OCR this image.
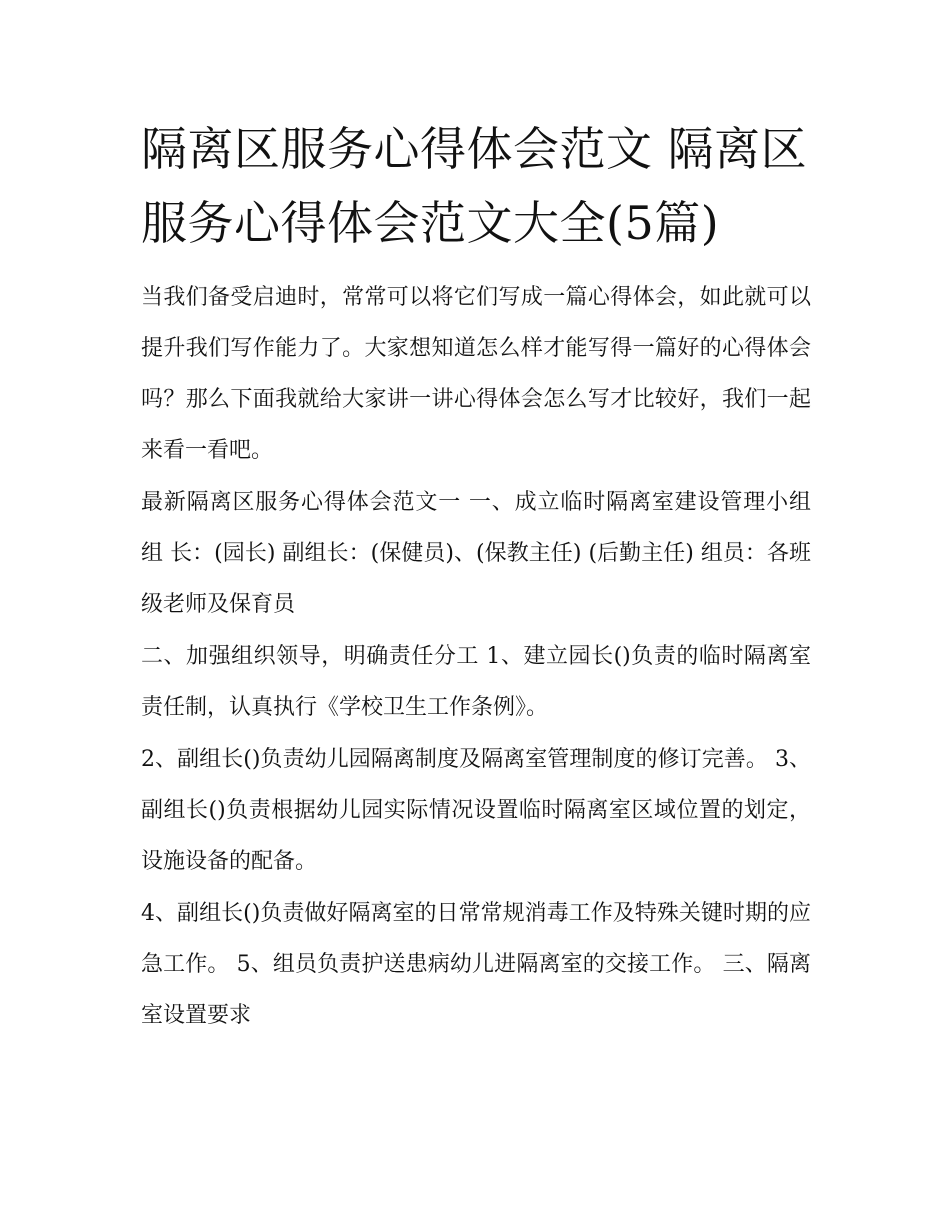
隔离区服务心得体会范文 隔离区服务心得体会范文大全(5篇)

当我们备受启迪时，常常可以将它们写成一篇心得体会，如此就可以提升我们写作能力了。大家想知道怎么样才能写得一篇好的心得体会吗？那么下面我就给大家讲一讲心得体会怎么写才比较好，我们一起来看一看吧。

最新隔离区服务心得体会范文一 一、成立临时隔离室建设管理小组 组 长：(园长) 副组长：(保健员)、(保教主任) (后勤主任) 组员：各班级老师及保育员

二、加强组织领导，明确责任分工 1、建立园长()负责的临时隔离室责任制，认真执行《学校卫生工作条例》。

2、副组长()负责幼儿园隔离制度及隔离室管理制度的修订完善。 3、副组长()负责根据幼儿园实际情况设置临时隔离室区域位置的划定，设施设备的配备。

4、副组长()负责做好隔离室的日常常规消毒工作及特殊关键时期的应急工作。 5、组员负责护送患病幼儿进隔离室的交接工作。 三、隔离室设置要求
